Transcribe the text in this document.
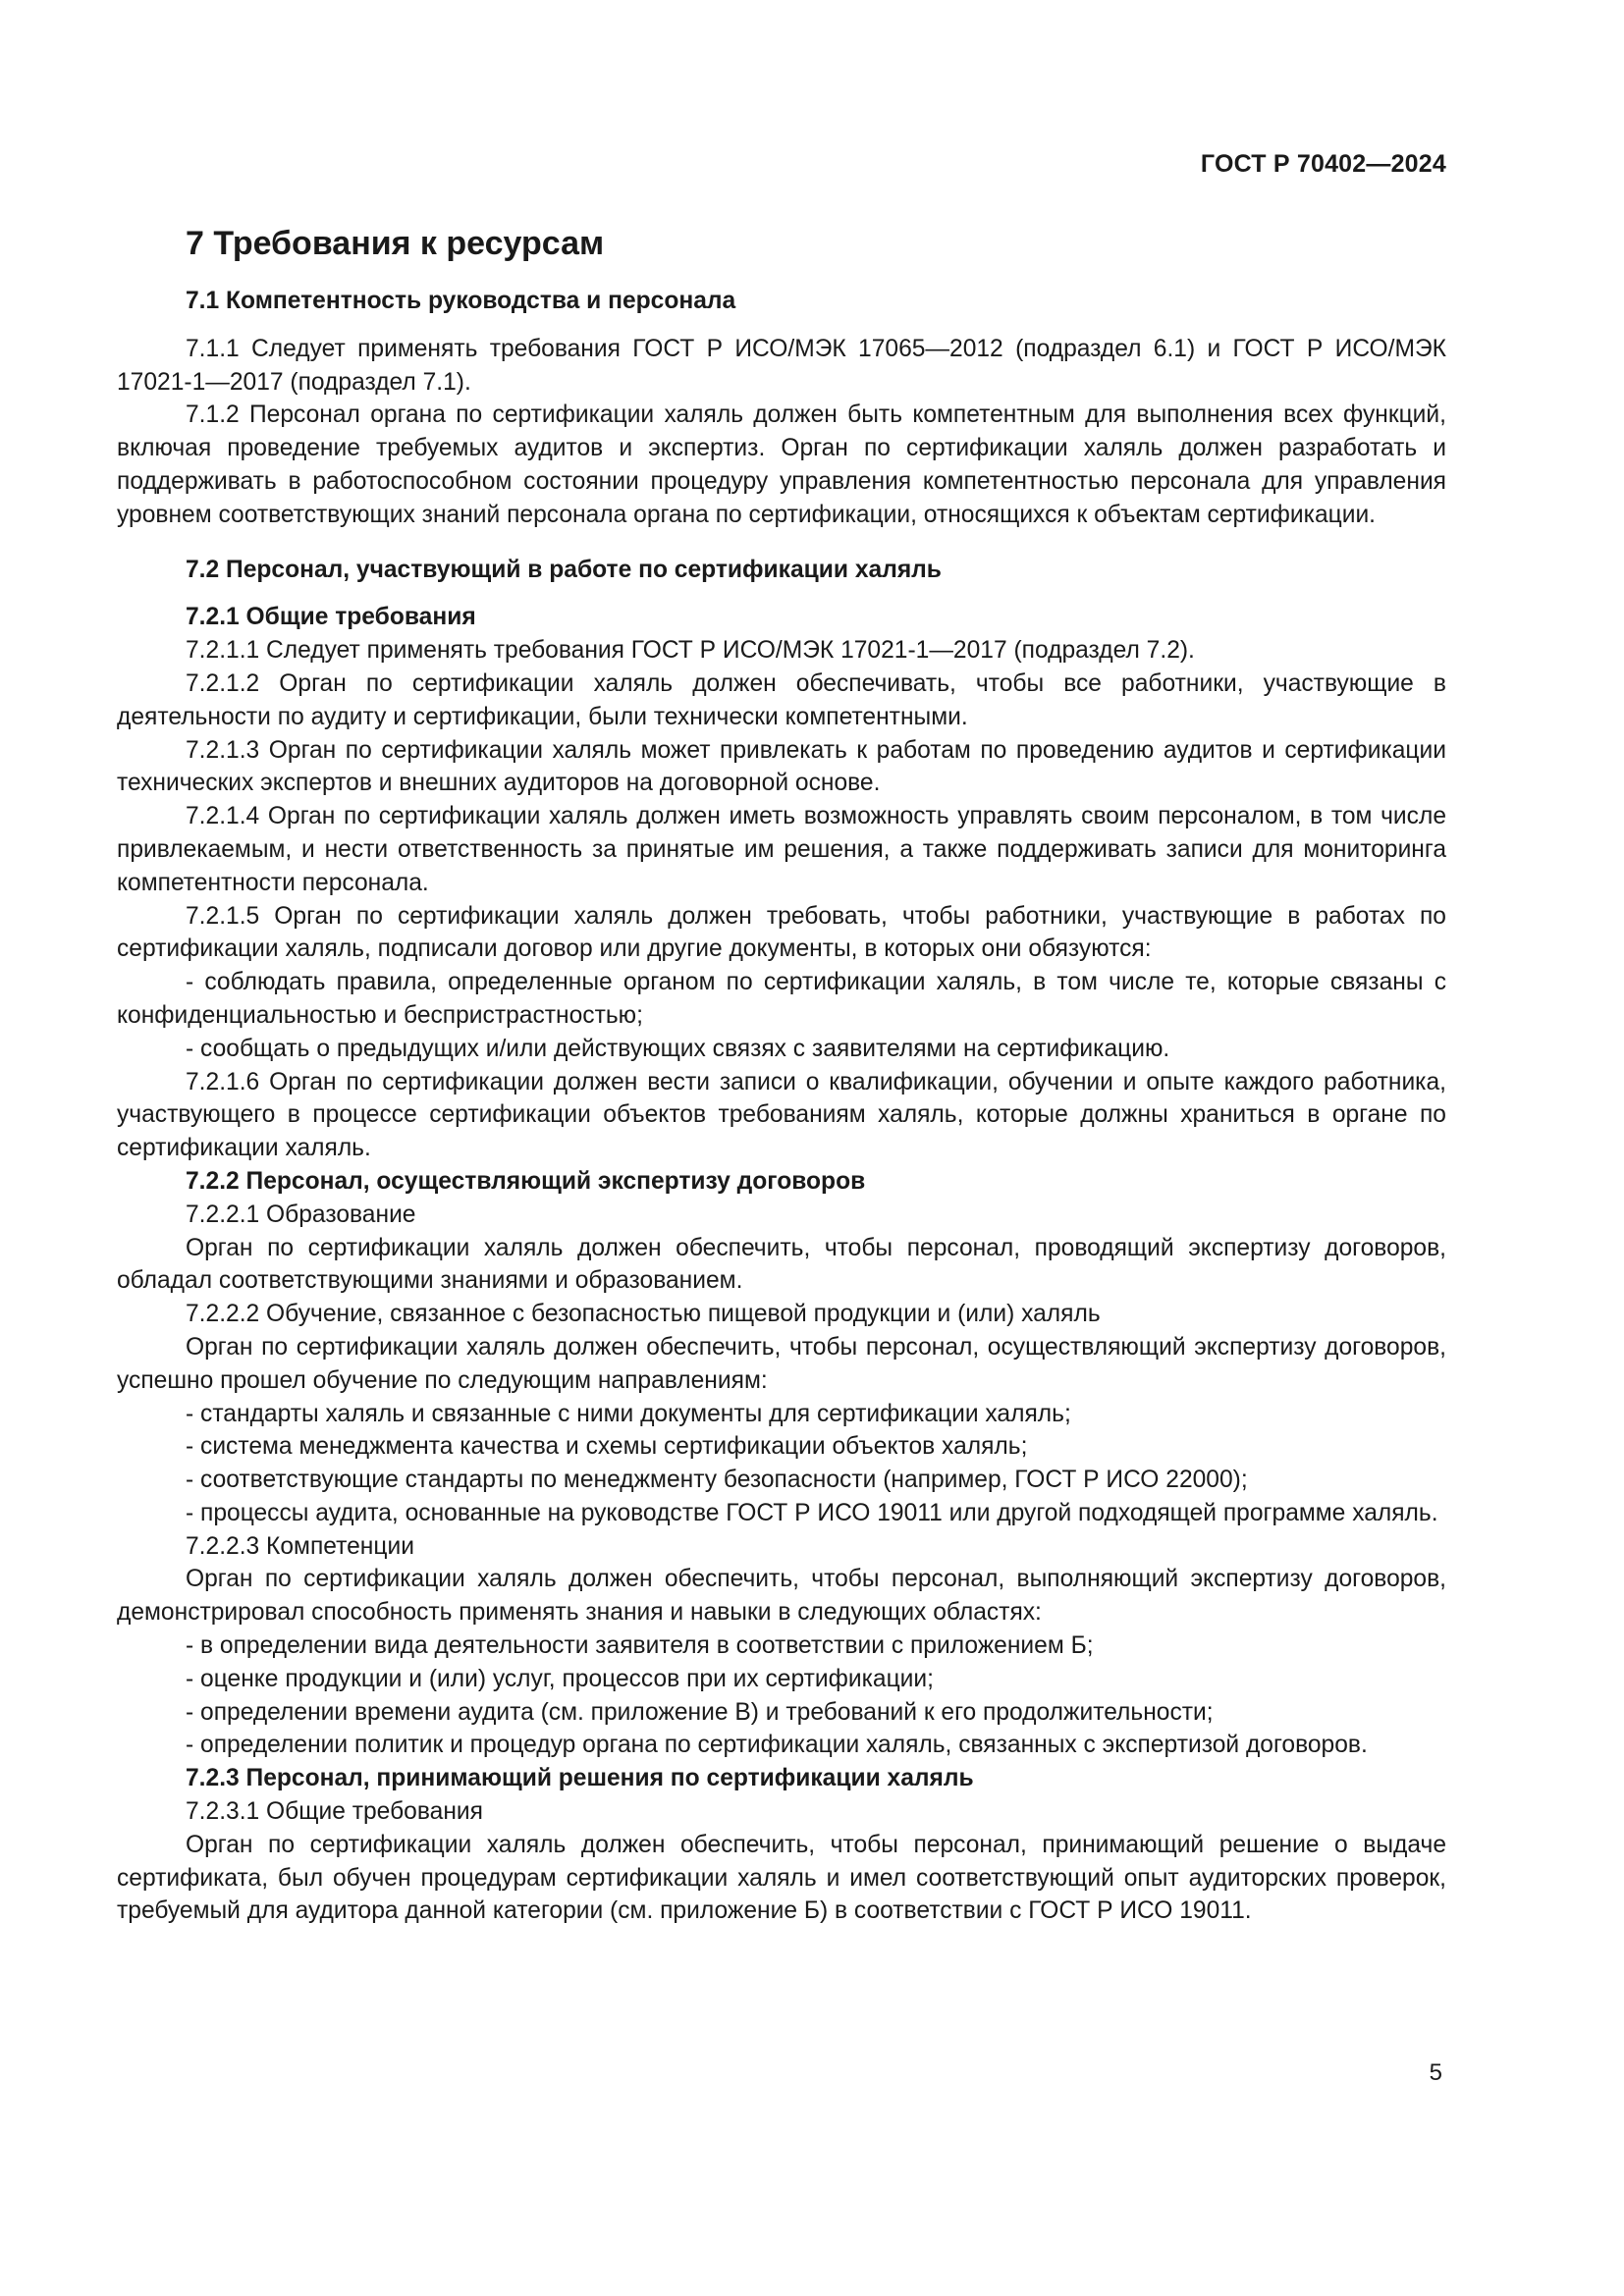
ГОСТ Р 70402—2024
7 Требования к ресурсам

7.1 Компетентность руководства и персонала

7.1.1 Следует применять требования ГОСТ Р ИСО/МЭК 17065—2012 (подраздел 6.1) и ГОСТ Р ИСО/МЭК 17021-1—2017 (подраздел 7.1).

7.1.2 Персонал органа по сертификации халяль должен быть компетентным для выполнения всех функций, включая проведение требуемых аудитов и экспертиз. Орган по сертификации халяль должен разработать и поддерживать в работоспособном состоянии процедуру управления компетентностью персонала для управления уровнем соответствующих знаний персонала органа по сертификации, относящихся к объектам сертификации.

7.2 Персонал, участвующий в работе по сертификации халяль

7.2.1 Общие требования

7.2.1.1 Следует применять требования ГОСТ Р ИСО/МЭК 17021-1—2017 (подраздел 7.2).

7.2.1.2 Орган по сертификации халяль должен обеспечивать, чтобы все работники, участвующие в деятельности по аудиту и сертификации, были технически компетентными.

7.2.1.3 Орган по сертификации халяль может привлекать к работам по проведению аудитов и сертификации технических экспертов и внешних аудиторов на договорной основе.

7.2.1.4 Орган по сертификации халяль должен иметь возможность управлять своим персоналом, в том числе привлекаемым, и нести ответственность за принятые им решения, а также поддерживать записи для мониторинга компетентности персонала.

7.2.1.5 Орган по сертификации халяль должен требовать, чтобы работники, участвующие в работах по сертификации халяль, подписали договор или другие документы, в которых они обязуются:

- соблюдать правила, определенные органом по сертификации халяль, в том числе те, которые связаны с конфиденциальностью и беспристрастностью;

- сообщать о предыдущих и/или действующих связях с заявителями на сертификацию.

7.2.1.6 Орган по сертификации должен вести записи о квалификации, обучении и опыте каждого работника, участвующего в процессе сертификации объектов требованиям халяль, которые должны храниться в органе по сертификации халяль.

7.2.2 Персонал, осуществляющий экспертизу договоров

7.2.2.1 Образование

Орган по сертификации халяль должен обеспечить, чтобы персонал, проводящий экспертизу договоров, обладал соответствующими знаниями и образованием.

7.2.2.2 Обучение, связанное с безопасностью пищевой продукции и (или) халяль

Орган по сертификации халяль должен обеспечить, чтобы персонал, осуществляющий экспертизу договоров, успешно прошел обучение по следующим направлениям:

- стандарты халяль и связанные с ними документы для сертификации халяль;

- система менеджмента качества и схемы сертификации объектов халяль;

- соответствующие стандарты по менеджменту безопасности (например, ГОСТ Р ИСО 22000);

- процессы аудита, основанные на руководстве ГОСТ Р ИСО 19011 или другой подходящей программе халяль.

7.2.2.3 Компетенции

Орган по сертификации халяль должен обеспечить, чтобы персонал, выполняющий экспертизу договоров, демонстрировал способность применять знания и навыки в следующих областях:

- в определении вида деятельности заявителя в соответствии с приложением Б;

- оценке продукции и (или) услуг, процессов при их сертификации;

- определении времени аудита (см. приложение В) и требований к его продолжительности;

- определении политик и процедур органа по сертификации халяль, связанных с экспертизой договоров.

7.2.3 Персонал, принимающий решения по сертификации халяль

7.2.3.1 Общие требования

Орган по сертификации халяль должен обеспечить, чтобы персонал, принимающий решение о выдаче сертификата, был обучен процедурам сертификации халяль и имел соответствующий опыт аудиторских проверок, требуемый для аудитора данной категории (см. приложение Б) в соответствии с ГОСТ Р ИСО 19011.

5
